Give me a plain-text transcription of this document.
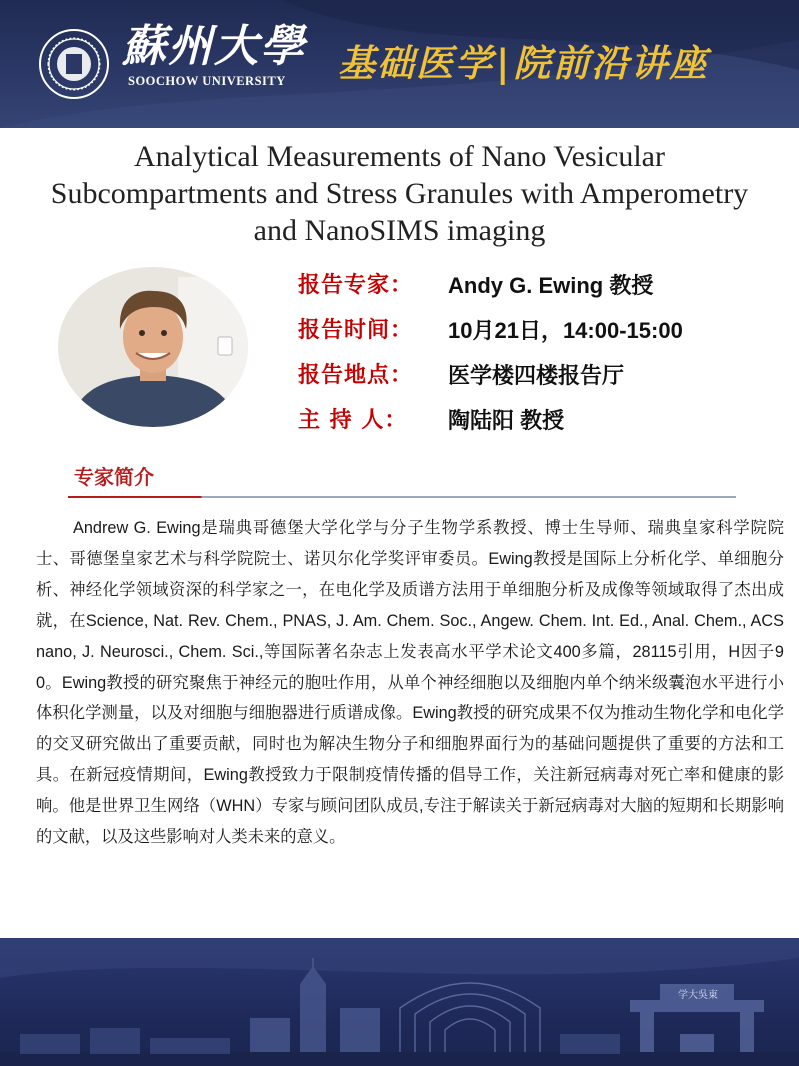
蘇州大學
SOOCHOW UNIVERSITY 基础医学|院前沿讲座
Analytical Measurements of Nano Vesicular
Subcompartments and Stress Granules with Amperometry
and NanoSIMS imaging
报告专家： Andy G. Ewing 教授
报告时间： 10月21日，14:00-15:00
报告地点： 医学楼四楼报告厅
主 持 人： 陶陆阳 教授
专家简介

Andrew G. Ewing是瑞典哥德堡大学化学与分子生物学系教授、博士生导师、瑞典皇家科学院院士、哥德堡皇家艺术与科学院院士、诺贝尔化学奖评审委员。Ewing教授是国际上分析化学、单细胞分析、神经化学领域资深的科学家之一，在电化学及质谱方法用于单细胞分析及成像等领域取得了杰出成就，在Science, Nat. Rev. Chem., PNAS, J. Am. Chem. Soc., Angew. Chem. Int. Ed., Anal. Chem., ACS nano, J. Neurosci., Chem. Sci.,等国际著名杂志上发表高水平学术论文400多篇，28115引用，H因子90。Ewing教授的研究聚焦于神经元的胞吐作用，从单个神经细胞以及细胞内单个纳米级囊泡水平进行小体积化学测量，以及对细胞与细胞器进行质谱成像。Ewing教授的研究成果不仅为推动生物化学和电化学的交叉研究做出了重要贡献，同时也为解决生物分子和细胞界面行为的基础问题提供了重要的方法和工具。在新冠疫情期间，Ewing教授致力于限制疫情传播的倡导工作，关注新冠病毒对死亡率和健康的影响。他是世界卫生网络（WHN）专家与顾问团队成员,专注于解读关于新冠病毒对大脑的短期和长期影响的文献，以及这些影响对人类未来的意义。

学大吳東
